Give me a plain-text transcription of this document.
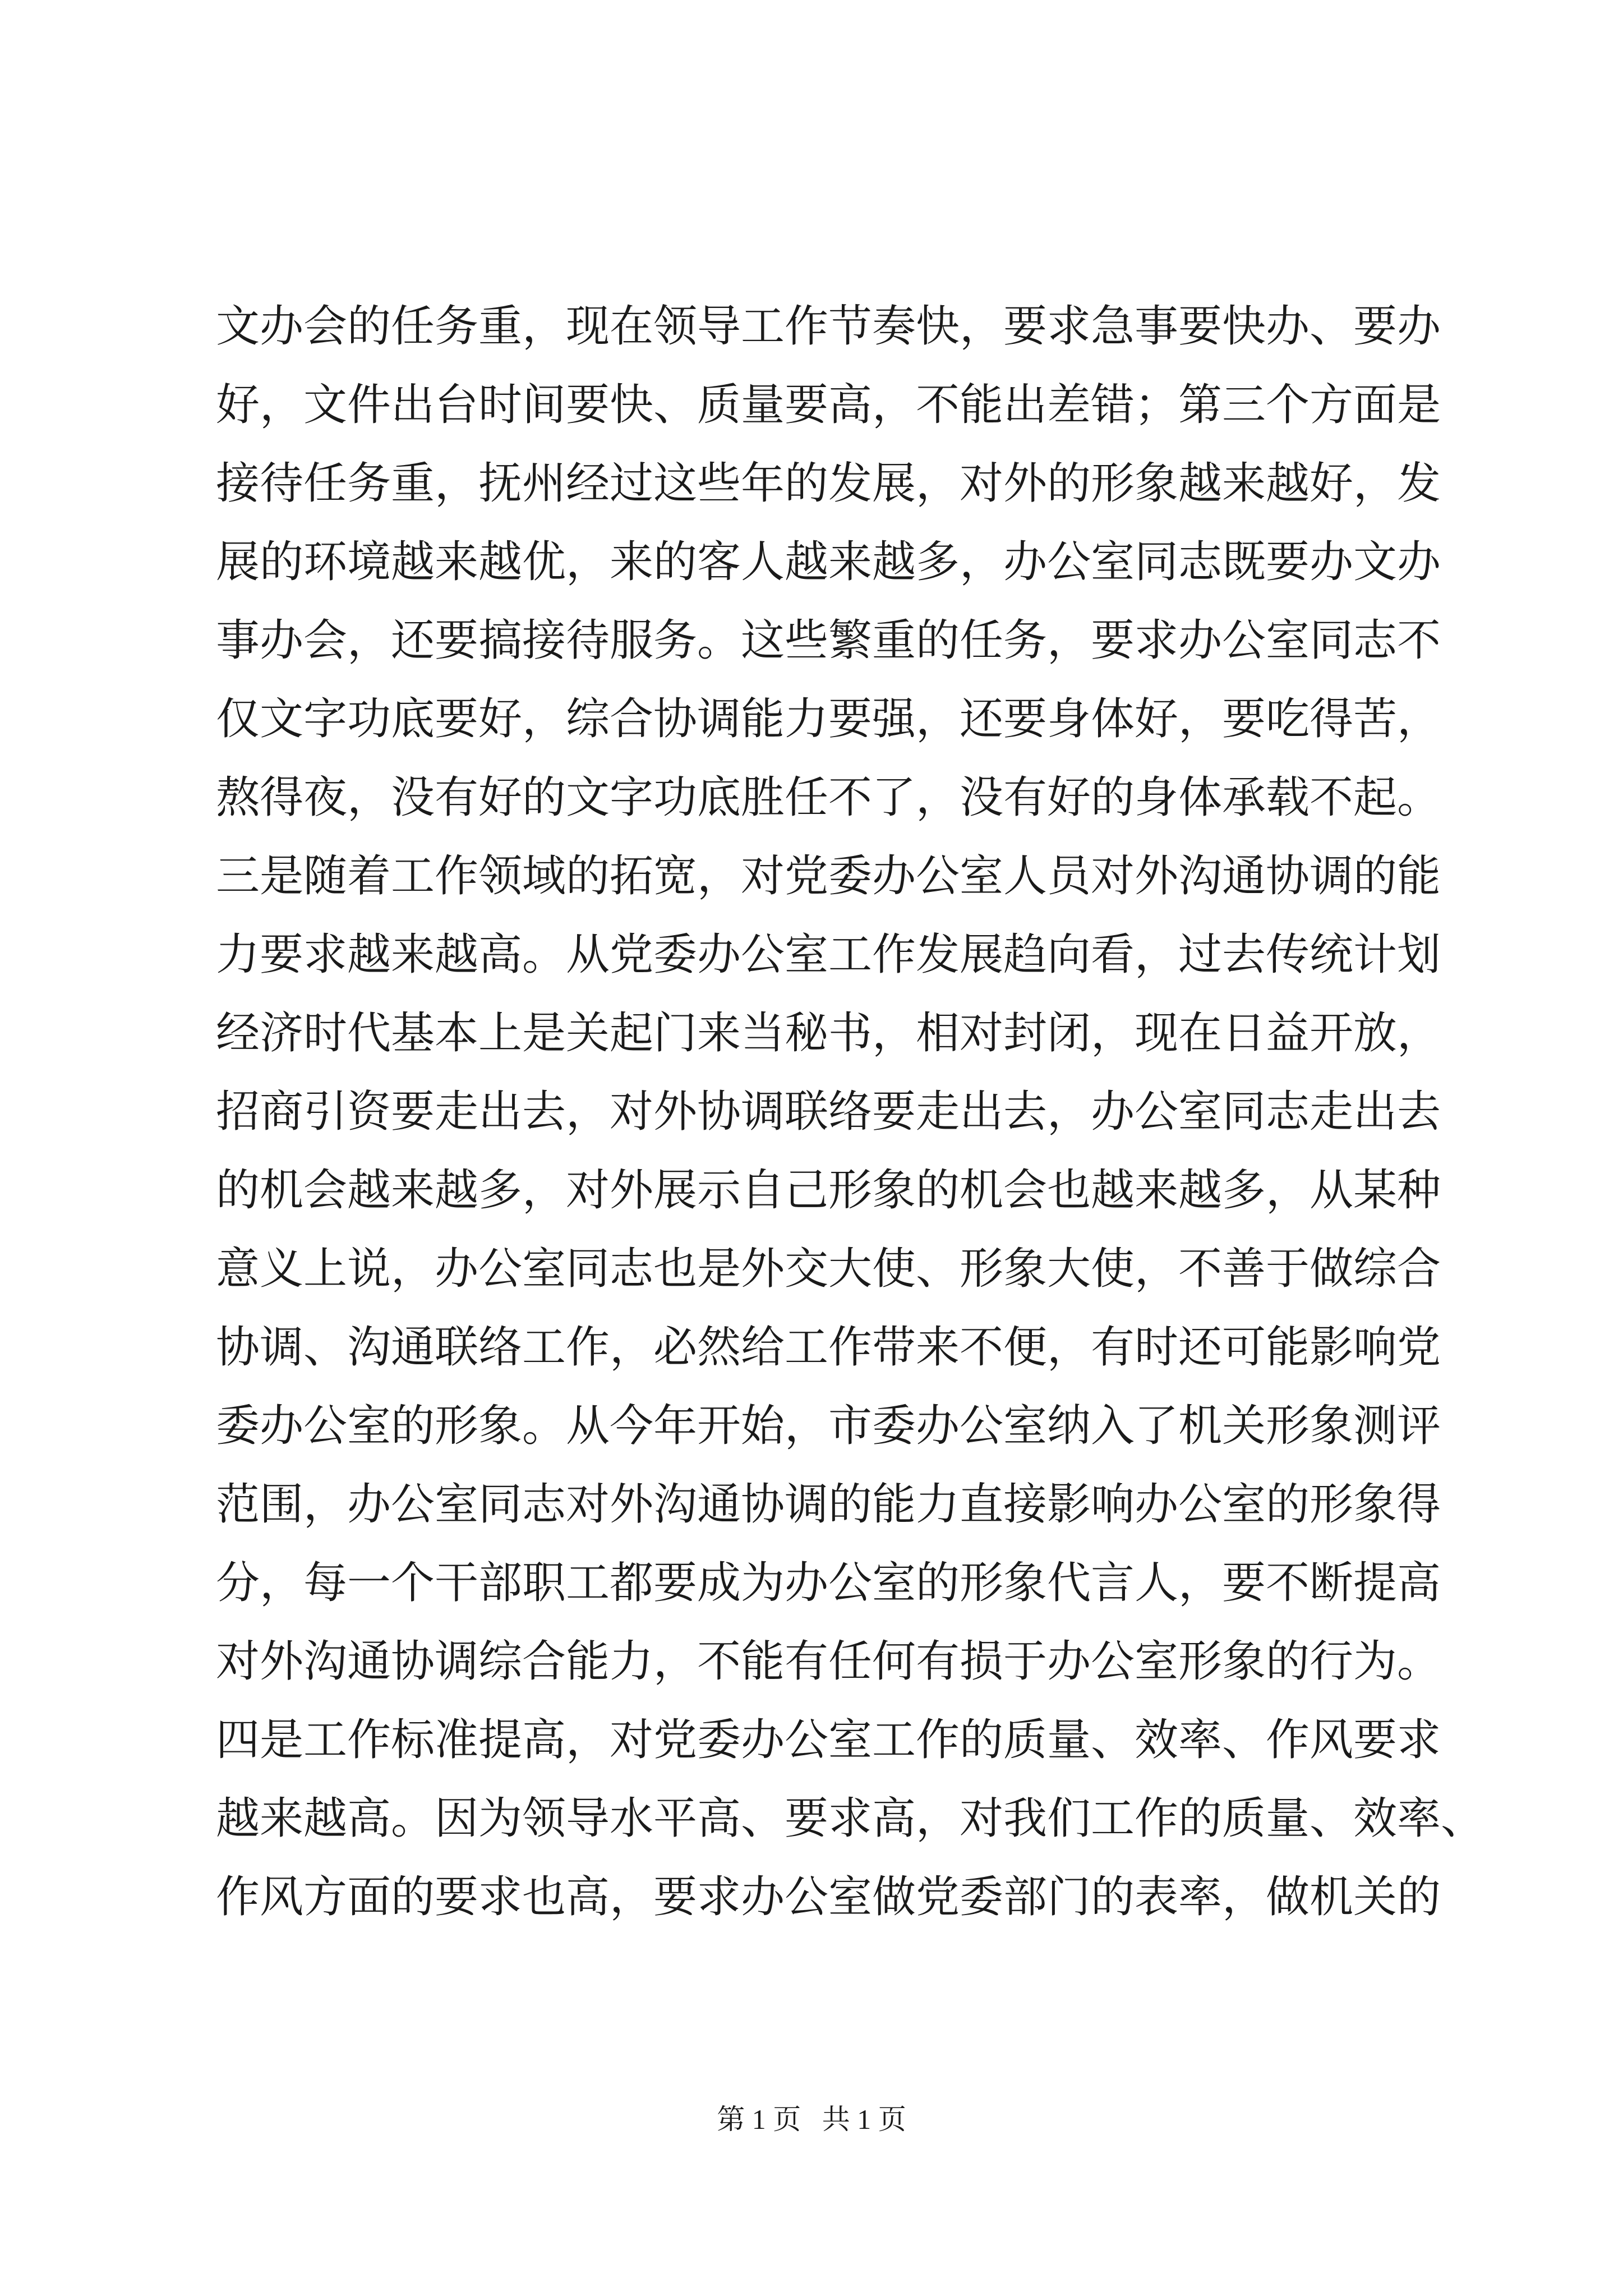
文办会的任务重，现在领导工作节奏快，要求急事要快办、要办
好，文件出台时间要快、质量要高，不能出差错；第三个方面是
接待任务重，抚州经过这些年的发展，对外的形象越来越好，发
展的环境越来越优，来的客人越来越多，办公室同志既要办文办
事办会，还要搞接待服务。这些繁重的任务，要求办公室同志不
仅文字功底要好，综合协调能力要强，还要身体好，要吃得苦，
熬得夜，没有好的文字功底胜任不了，没有好的身体承载不起。
三是随着工作领域的拓宽，对党委办公室人员对外沟通协调的能
力要求越来越高。从党委办公室工作发展趋向看，过去传统计划
经济时代基本上是关起门来当秘书，相对封闭，现在日益开放，
招商引资要走出去，对外协调联络要走出去，办公室同志走出去
的机会越来越多，对外展示自己形象的机会也越来越多，从某种
意义上说，办公室同志也是外交大使、形象大使，不善于做综合
协调、沟通联络工作，必然给工作带来不便，有时还可能影响党
委办公室的形象。从今年开始，市委办公室纳入了机关形象测评
范围，办公室同志对外沟通协调的能力直接影响办公室的形象得
分，每一个干部职工都要成为办公室的形象代言人，要不断提高
对外沟通协调综合能力，不能有任何有损于办公室形象的行为。
四是工作标准提高，对党委办公室工作的质量、效率、作风要求
越来越高。因为领导水平高、要求高，对我们工作的质量、效率、
作风方面的要求也高，要求办公室做党委部门的表率，做机关的
第 1 页 共 1 页
